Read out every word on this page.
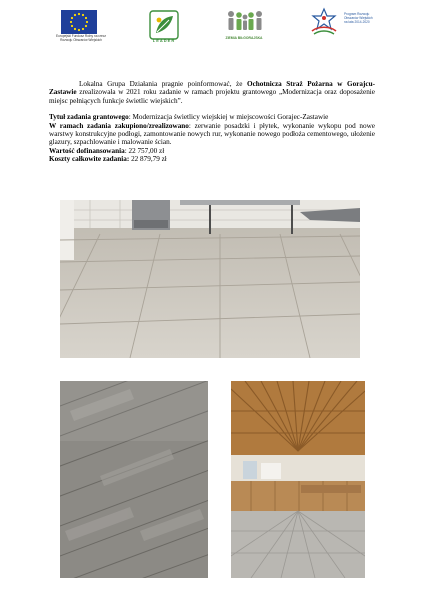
Europejski Fundusz Rolny na rzecz Rozwoju Obszarów Wiejskich	LEADER	ZIEMIA BIŁGORAJSKA
Program Rozwoju Obszarów Wiejskich na lata 2014-2020

Lokalna Grupa Działania pragnie poinformować, że Ochotnicza Straż Pożarna w Gorajcu- Zastawie zrealizowała w 2021 roku zadanie w ramach projektu grantowego „Modernizacja oraz doposażenie miejsc pełniących funkcje świetlic wiejskich”.

Tytuł zadania grantowego: Modernizacja świetlicy wiejskiej w miejscowości Gorajec-Zastawie

W ramach zadania zakupiono/zrealizowano: zerwanie posadzki i płytek, wykonanie wykopu pod nowe warstwy konstrukcyjne podłogi, zamontowanie nowych rur, wykonanie nowego podłoża cementowego, ułożenie glazury, szpachlowanie i malowanie ścian.

Wartość dofinansowania: 22 757,00 zł

Koszty całkowite zadania: 22 879,79 zł
